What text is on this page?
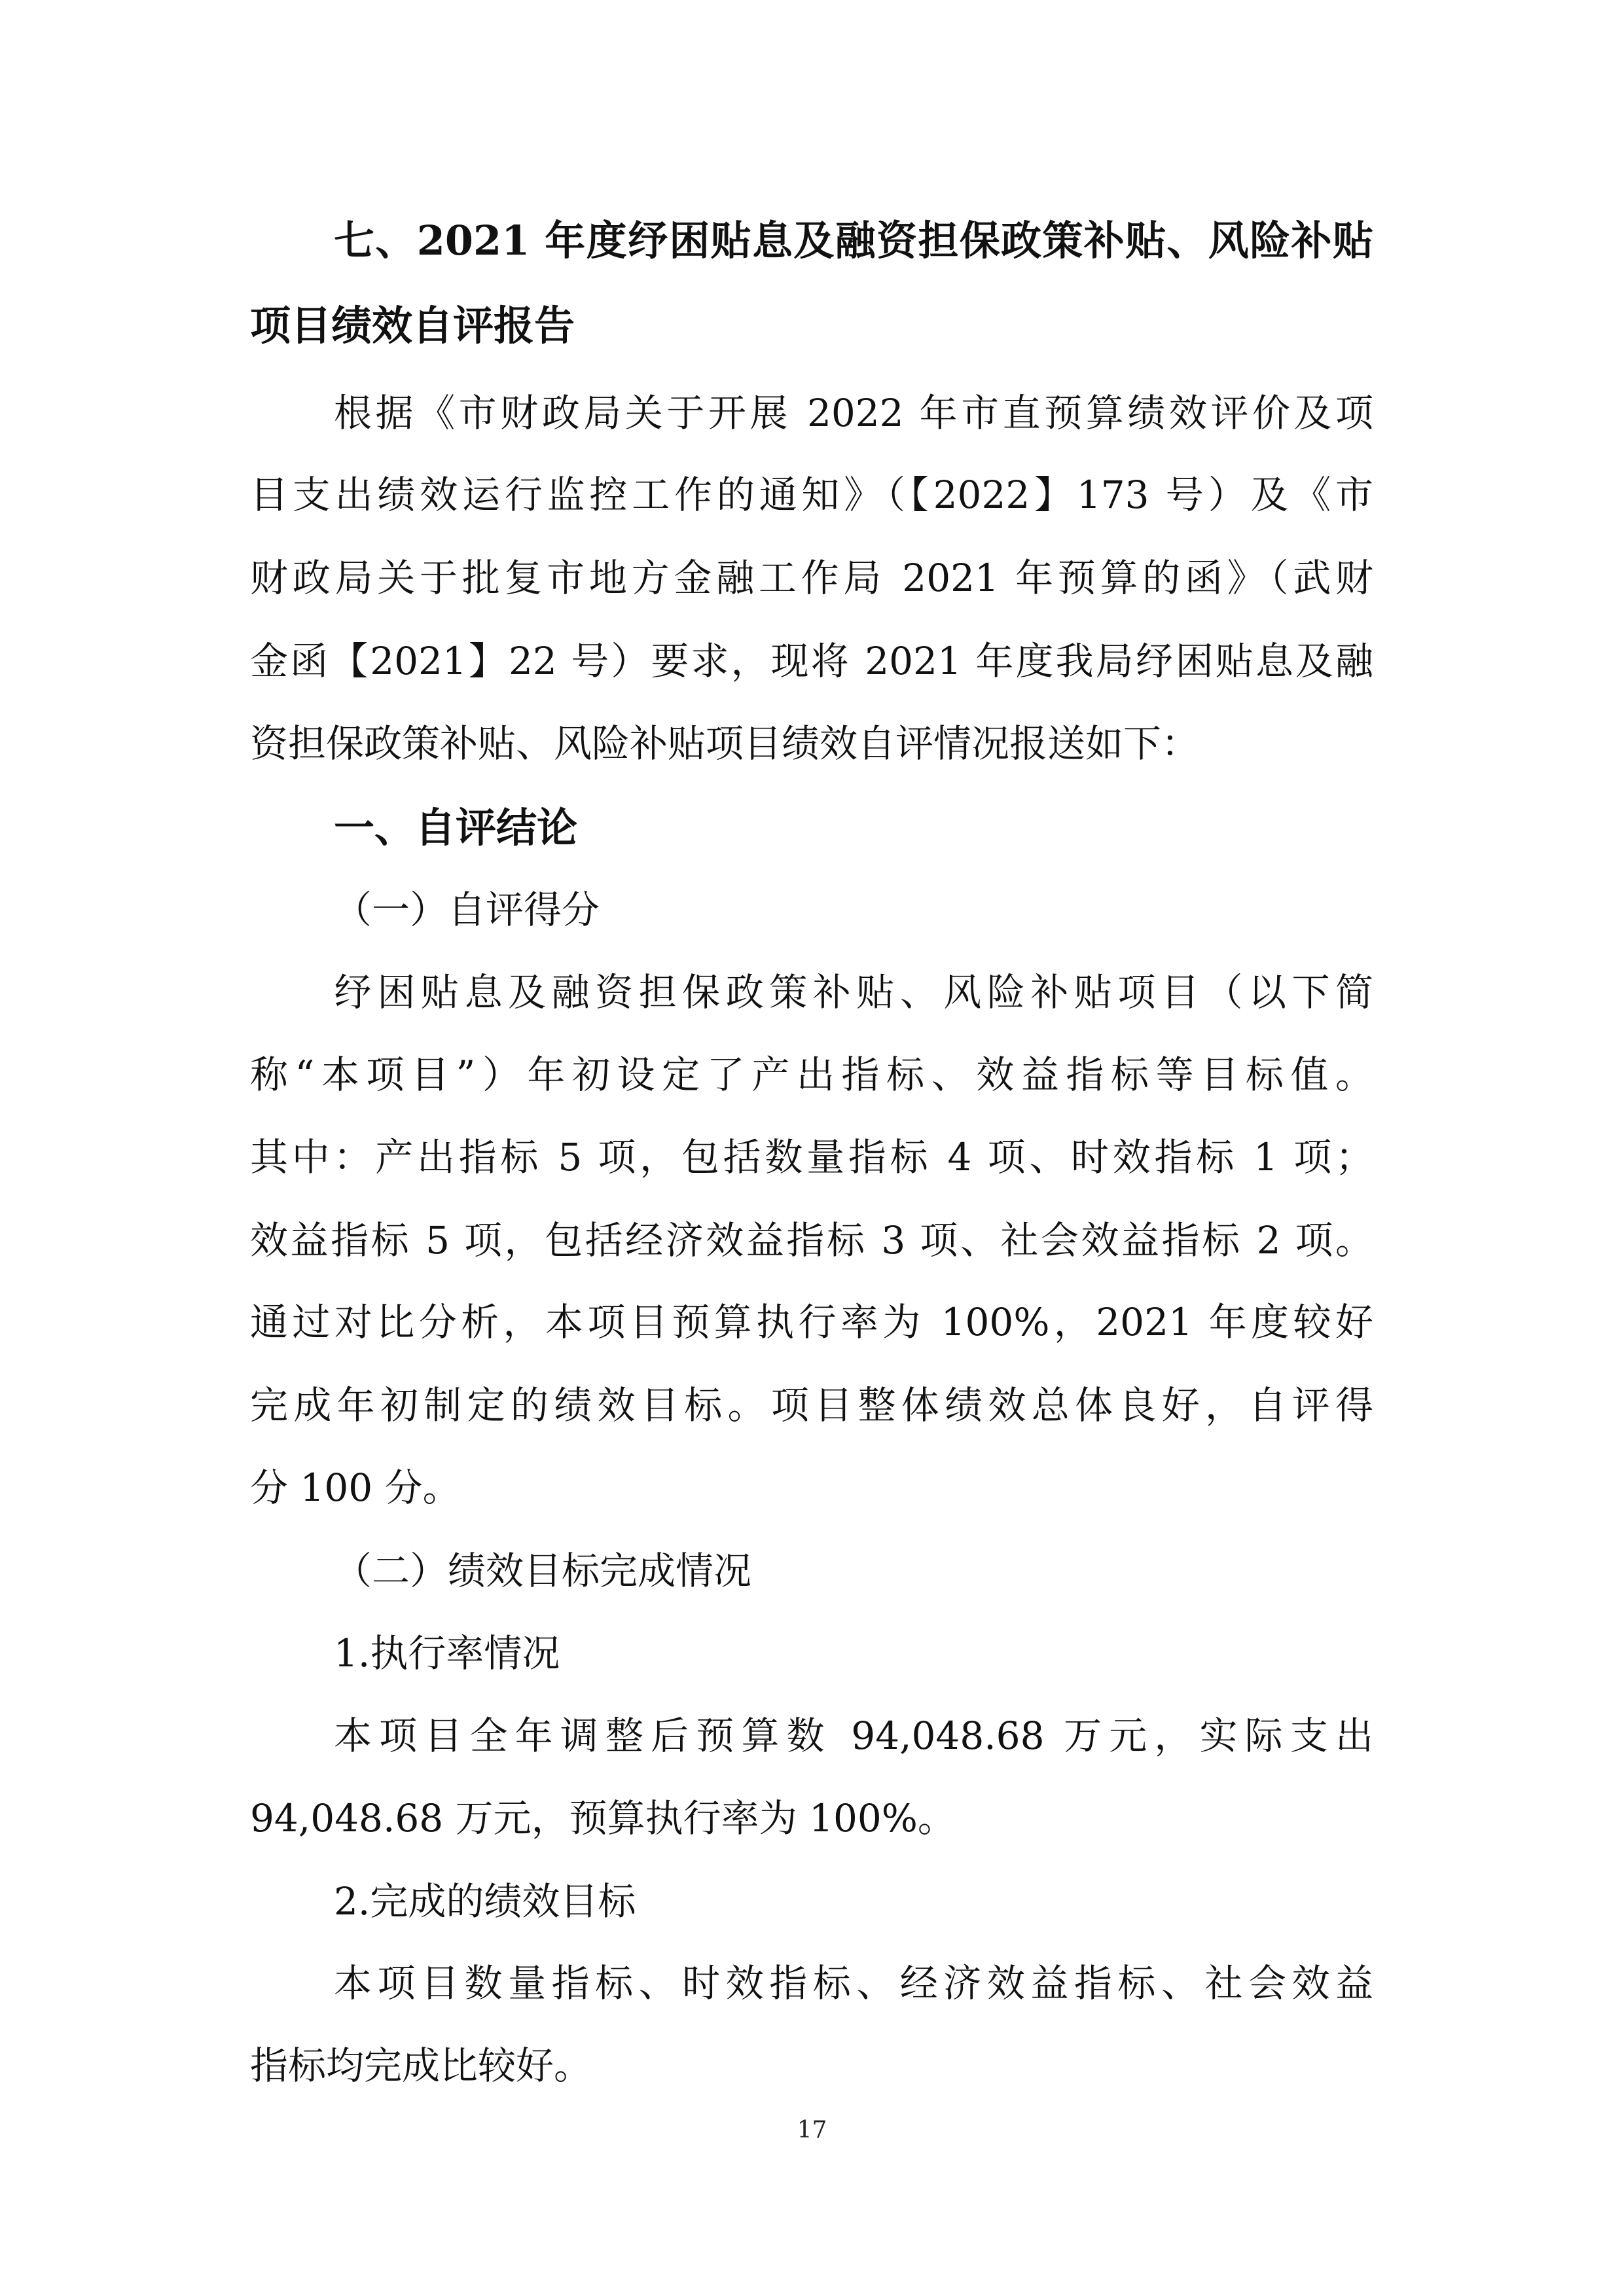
七、2021 年度纾困贴息及融资担保政策补贴、风险补贴
项目绩效自评报告
根据《市财政局关于开展 2022 年市直预算绩效评价及项
目支出绩效运行监控工作的通知》（【2022】173 号）及《市
财政局关于批复市地方金融工作局 2021 年预算的函》（武财
金函【2021】22 号）要求，现将 2021 年度我局纾困贴息及融
资担保政策补贴、风险补贴项目绩效自评情况报送如下：
一、自评结论
（一）自评得分
纾困贴息及融资担保政策补贴、风险补贴项目（以下简
称“本项目”）年初设定了产出指标、效益指标等目标值。
其中：产出指标 5 项，包括数量指标 4 项、时效指标 1 项；
效益指标 5 项，包括经济效益指标 3 项、社会效益指标 2 项。
通过对比分析，本项目预算执行率为 100%，2021 年度较好
完成年初制定的绩效目标。项目整体绩效总体良好，自评得
分 100 分。
（二）绩效目标完成情况
1.执行率情况
本项目全年调整后预算数 94,048.68 万元，实际支出
94,048.68 万元，预算执行率为 100%。
2.完成的绩效目标
本项目数量指标、时效指标、经济效益指标、社会效益
指标均完成比较好。
17
